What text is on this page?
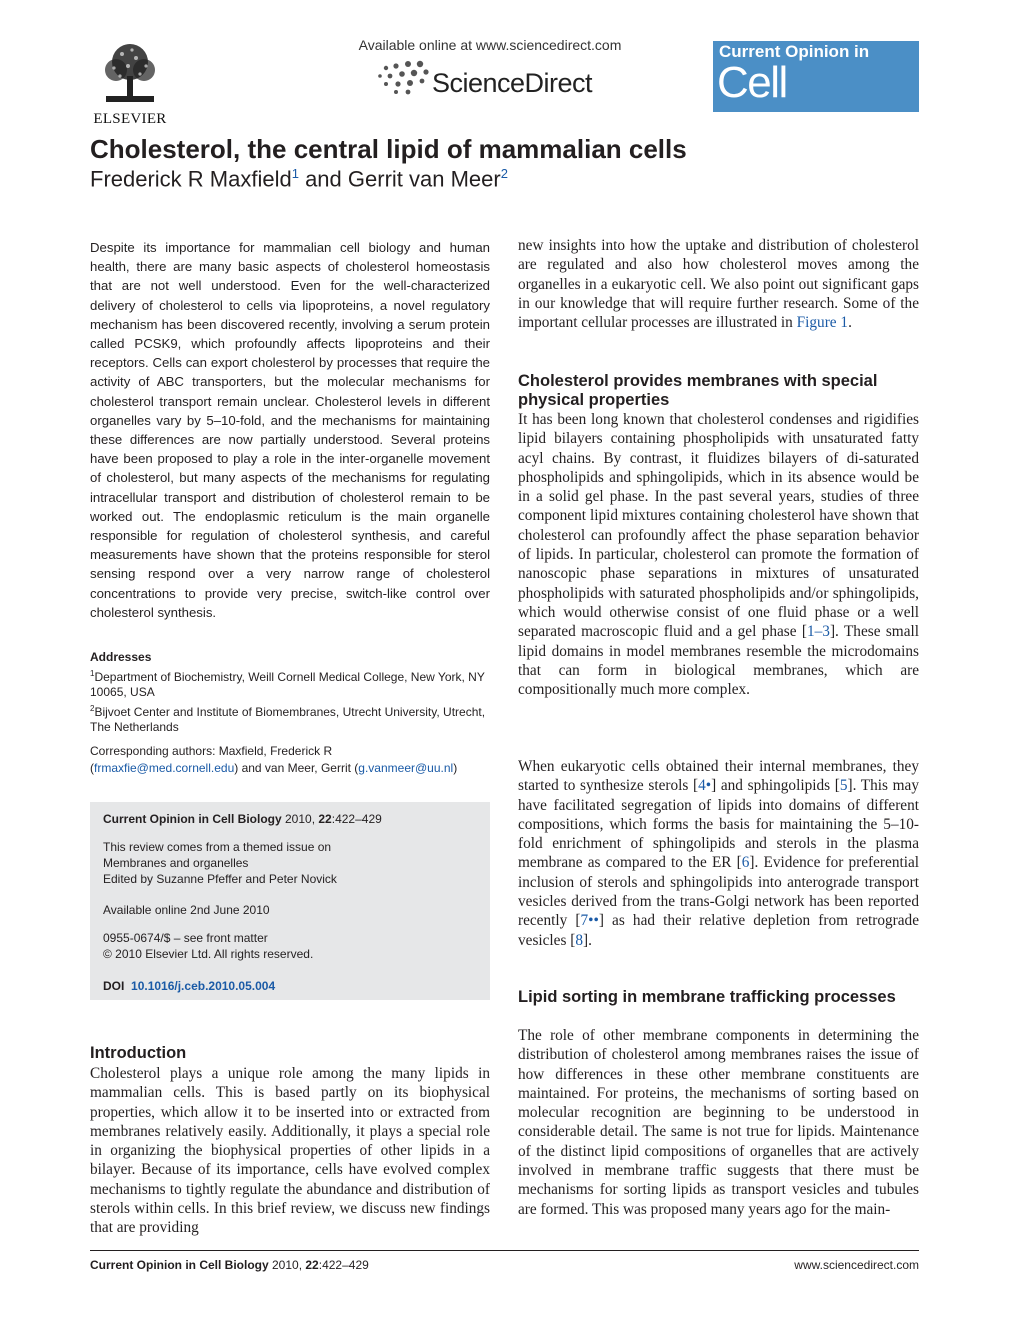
ELSEVIER
Available online at www.sciencedirect.com
ScienceDirect
Current Opinion in
Cell Biology
Cholesterol, the central lipid of mammalian cells
Frederick R Maxfield$^1$ and Gerrit van Meer$^2$
Despite its importance for mammalian cell biology and human health, there are many basic aspects of cholesterol homeostasis that are not well understood. Even for the well-characterized delivery of cholesterol to cells via lipoproteins, a novel regulatory mechanism has been discovered recently, involving a serum protein called PCSK9, which profoundly affects lipoproteins and their receptors. Cells can export cholesterol by processes that require the activity of ABC transporters, but the molecular mechanisms for cholesterol transport remain unclear. Cholesterol levels in different organelles vary by 5–10-fold, and the mechanisms for maintaining these differences are now partially understood. Several proteins have been proposed to play a role in the inter-organelle movement of cholesterol, but many aspects of the mechanisms for regulating intracellular transport and distribution of cholesterol remain to be worked out. The endoplasmic reticulum is the main organelle responsible for regulation of cholesterol synthesis, and careful measurements have shown that the proteins responsible for sterol sensing respond over a very narrow range of cholesterol concentrations to provide very precise, switch-like control over cholesterol synthesis.
Addresses
$^1$Department of Biochemistry, Weill Cornell Medical College, New York, NY 10065, USA
$^2$Bijvoet Center and Institute of Biomembranes, Utrecht University, Utrecht, The Netherlands
Corresponding authors: Maxfield, Frederick R
(frmaxfie@med.cornell.edu) and van Meer, Gerrit (g.vanmeer@uu.nl)
Current Opinion in Cell Biology 2010, 22:422–429
This review comes from a themed issue on
Membranes and organelles
Edited by Suzanne Pfeffer and Peter Novick
Available online 2nd June 2010
0955-0674/$ – see front matter
© 2010 Elsevier Ltd. All rights reserved.
DOI 10.1016/j.ceb.2010.05.004
Introduction
Cholesterol plays a unique role among the many lipids in mammalian cells. This is based partly on its biophysical properties, which allow it to be inserted into or extracted from membranes relatively easily. Additionally, it plays a special role in organizing the biophysical properties of other lipids in a bilayer. Because of its importance, cells have evolved complex mechanisms to tightly regulate the abundance and distribution of sterols within cells. In this brief review, we discuss new findings that are providing
new insights into how the uptake and distribution of cholesterol are regulated and also how cholesterol moves among the organelles in a eukaryotic cell. We also point out significant gaps in our knowledge that will require further research. Some of the important cellular processes are illustrated in Figure 1.
Cholesterol provides membranes with special physical properties
It has been long known that cholesterol condenses and rigidifies lipid bilayers containing phospholipids with unsaturated fatty acyl chains. By contrast, it fluidizes bilayers of di-saturated phospholipids and sphingolipids, which in its absence would be in a solid gel phase. In the past several years, studies of three component lipid mixtures containing cholesterol have shown that cholesterol can profoundly affect the phase separation behavior of lipids. In particular, cholesterol can promote the formation of nanoscopic phase separations in mixtures of unsaturated phospholipids with saturated phospholipids and/or sphingolipids, which would otherwise consist of one fluid phase or a well separated macroscopic fluid and a gel phase [1–3]. These small lipid domains in model membranes resemble the microdomains that can form in biological membranes, which are compositionally much more complex.
When eukaryotic cells obtained their internal membranes, they started to synthesize sterols [4•] and sphingolipids [5]. This may have facilitated segregation of lipids into domains of different compositions, which forms the basis for maintaining the 5–10-fold enrichment of sphingolipids and sterols in the plasma membrane as compared to the ER [6]. Evidence for preferential inclusion of sterols and sphingolipids into anterograde transport vesicles derived from the trans-Golgi network has been reported recently [7••] as had their relative depletion from retrograde vesicles [8].
Lipid sorting in membrane trafficking processes
The role of other membrane components in determining the distribution of cholesterol among membranes raises the issue of how differences in these other membrane constituents are maintained. For proteins, the mechanisms of sorting based on molecular recognition are beginning to be understood in considerable detail. The same is not true for lipids. Maintenance of the distinct lipid compositions of organelles that are actively involved in membrane traffic suggests that there must be mechanisms for sorting lipids as transport vesicles and tubules are formed. This was proposed many years ago for the main-
Current Opinion in Cell Biology 2010, 22:422–429	www.sciencedirect.com
